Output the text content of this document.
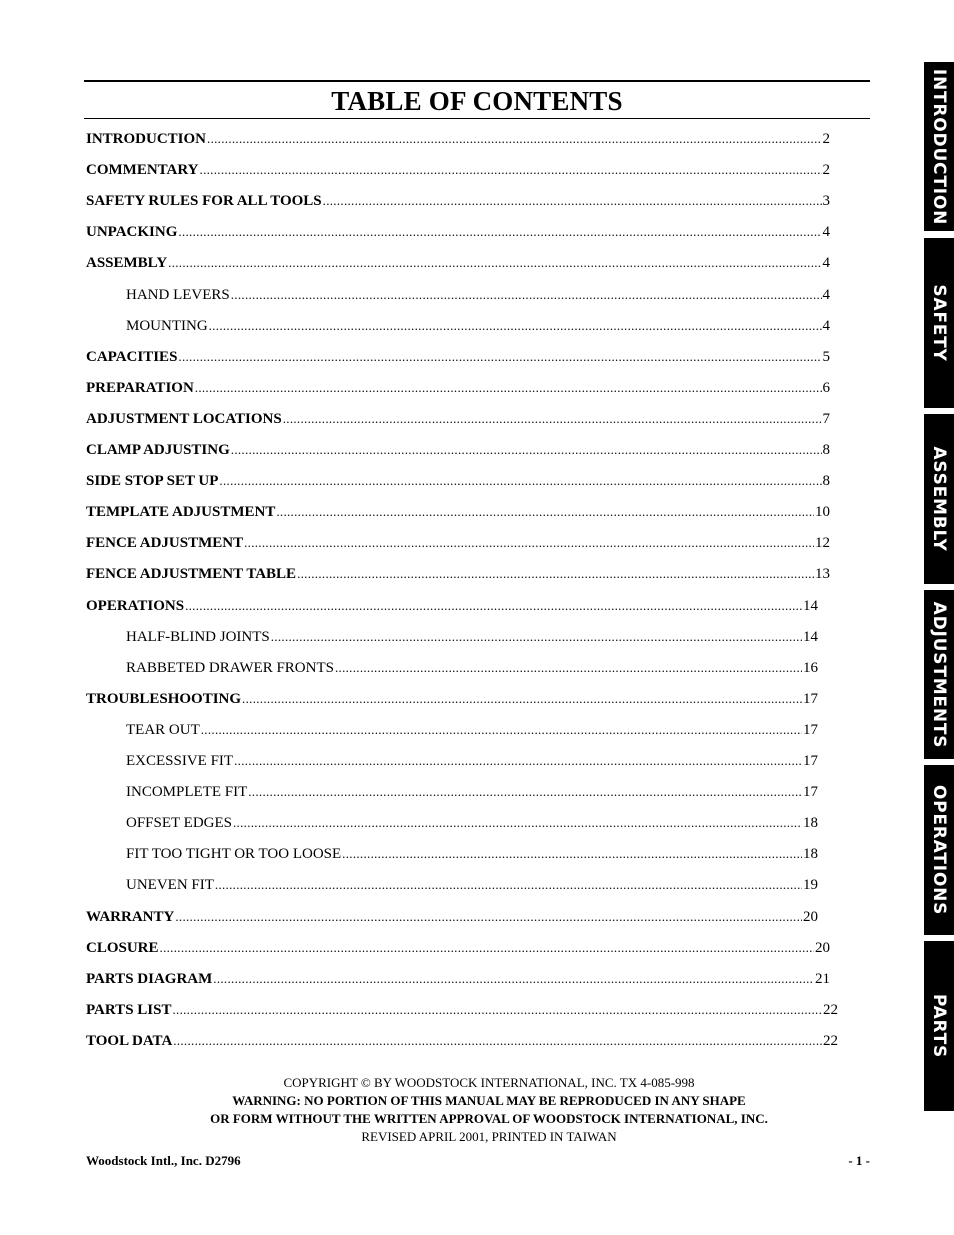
TABLE OF CONTENTS
INTRODUCTION .....	2
COMMENTARY .....	2
SAFETY RULES FOR ALL TOOLS .....	3
UNPACKING .....	4
ASSEMBLY .....	4
HAND LEVERS .....	4
MOUNTING .....	4
CAPACITIES .....	5
PREPARATION .....	6
ADJUSTMENT LOCATIONS .....	7
CLAMP ADJUSTING .....	8
SIDE STOP SET UP .....	8
TEMPLATE ADJUSTMENT .....	10
FENCE ADJUSTMENT .....	12
FENCE ADJUSTMENT TABLE .....	13
OPERATIONS .....	14
HALF-BLIND JOINTS .....	14
RABBETED DRAWER FRONTS .....	16
TROUBLESHOOTING .....	17
TEAR OUT .....	17
EXCESSIVE FIT .....	17
INCOMPLETE FIT .....	17
OFFSET EDGES .....	18
FIT TOO TIGHT OR TOO LOOSE .....	18
UNEVEN FIT .....	19
WARRANTY .....	20
CLOSURE .....	20
PARTS DIAGRAM .....	21
PARTS LIST .....	22
TOOL DATA .....	22
COPYRIGHT © BY WOODSTOCK INTERNATIONAL, INC. TX 4-085-998
WARNING: NO PORTION OF THIS MANUAL MAY BE REPRODUCED IN ANY SHAPE
OR FORM WITHOUT THE WRITTEN APPROVAL OF WOODSTOCK INTERNATIONAL, INC.
REVISED APRIL 2001, PRINTED IN TAIWAN
Woodstock Intl., Inc. D2796	- 1 -
INTRODUCTION
SAFETY
ASSEMBLY
ADJUSTMENTS
OPERATIONS
PARTS
